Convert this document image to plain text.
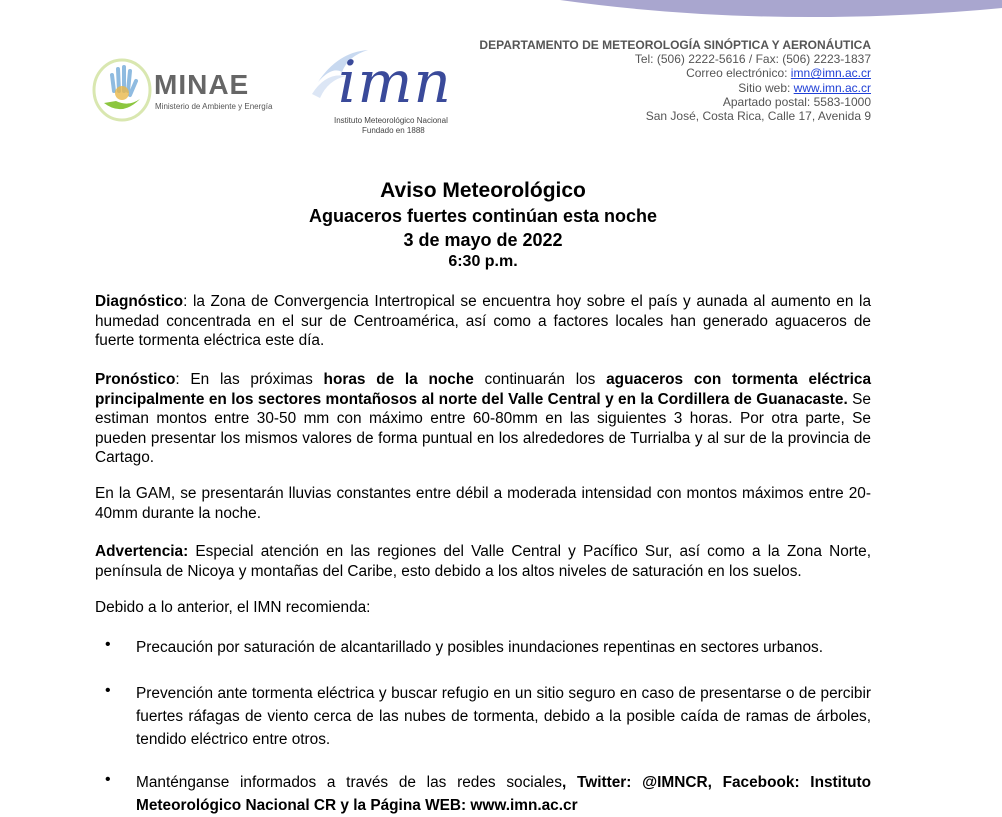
MINAE
Ministerio de Ambiente y Energía imn
Instituto Meteorológico Nacional
Fundado en 1888
DEPARTAMENTO DE METEOROLOGÍA SINÓPTICA Y AERONÁUTICA
Tel: (506) 2222-5616 / Fax: (506) 2223-1837
Correo electrónico: imn@imn.ac.cr
Sitio web: www.imn.ac.cr
Apartado postal: 5583-1000
San José, Costa Rica, Calle 17, Avenida 9
Aviso Meteorológico
Aguaceros fuertes continúan esta noche
3 de mayo de 2022
6:30 p.m.
Diagnóstico: la Zona de Convergencia Intertropical se encuentra hoy sobre el país y aunada al aumento en la humedad concentrada en el sur de Centroamérica, así como a factores locales han generado aguaceros de fuerte tormenta eléctrica este día.
Pronóstico: En las próximas horas de la noche continuarán los aguaceros con tormenta eléctrica principalmente en los sectores montañosos al norte del Valle Central y en la Cordillera de Guanacaste. Se estiman montos entre 30-50 mm con máximo entre 60-80mm en las siguientes 3 horas. Por otra parte, Se pueden presentar los mismos valores de forma puntual en los alrededores de Turrialba y al sur de la provincia de Cartago.
En la GAM, se presentarán lluvias constantes entre débil a moderada intensidad con montos máximos entre 20-40mm durante la noche.
Advertencia: Especial atención en las regiones del Valle Central y Pacífico Sur, así como a la Zona Norte, península de Nicoya y montañas del Caribe, esto debido a los altos niveles de saturación en los suelos.
Debido a lo anterior, el IMN recomienda:
• Precaución por saturación de alcantarillado y posibles inundaciones repentinas en sectores urbanos.
• Prevención ante tormenta eléctrica y buscar refugio en un sitio seguro en caso de presentarse o de percibir fuertes ráfagas de viento cerca de las nubes de tormenta, debido a la posible caída de ramas de árboles, tendido eléctrico entre otros.
• Manténganse informados a través de las redes sociales, Twitter: @IMNCR, Facebook: Instituto Meteorológico Nacional CR y la Página WEB: www.imn.ac.cr
